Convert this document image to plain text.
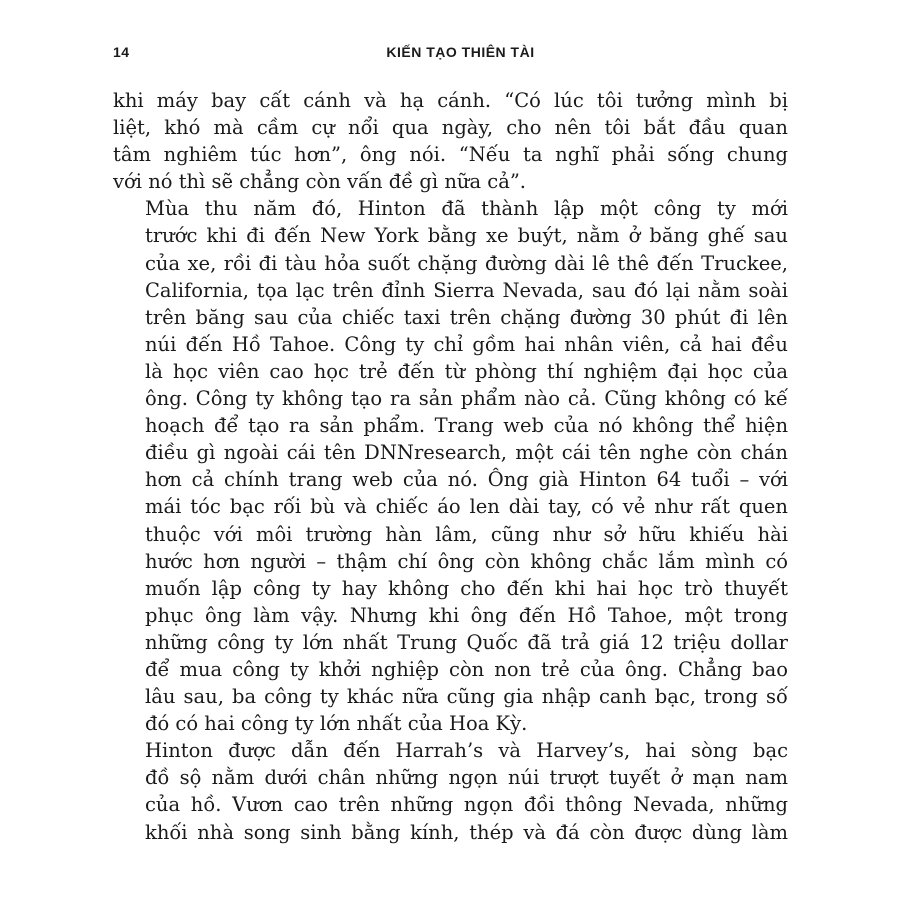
14	KIẾN TẠO THIÊN TÀI

khi máy bay cất cánh và hạ cánh. “Có lúc tôi tưởng mình bị
liệt, khó mà cầm cự nổi qua ngày, cho nên tôi bắt đầu quan
tâm nghiêm túc hơn”, ông nói. “Nếu ta nghĩ phải sống chung
với nó thì sẽ chẳng còn vấn đề gì nữa cả”.

Mùa thu năm đó, Hinton đã thành lập một công ty mới
trước khi đi đến New York bằng xe buýt, nằm ở băng ghế sau
của xe, rồi đi tàu hỏa suốt chặng đường dài lê thê đến Truckee,
California, tọa lạc trên đỉnh Sierra Nevada, sau đó lại nằm soài
trên băng sau của chiếc taxi trên chặng đường 30 phút đi lên
núi đến Hồ Tahoe. Công ty chỉ gồm hai nhân viên, cả hai đều
là học viên cao học trẻ đến từ phòng thí nghiệm đại học của
ông. Công ty không tạo ra sản phẩm nào cả. Cũng không có kế
hoạch để tạo ra sản phẩm. Trang web của nó không thể hiện
điều gì ngoài cái tên DNNresearch, một cái tên nghe còn chán
hơn cả chính trang web của nó. Ông già Hinton 64 tuổi – với
mái tóc bạc rối bù và chiếc áo len dài tay, có vẻ như rất quen
thuộc với môi trường hàn lâm, cũng như sở hữu khiếu hài
hước hơn người – thậm chí ông còn không chắc lắm mình có
muốn lập công ty hay không cho đến khi hai học trò thuyết
phục ông làm vậy. Nhưng khi ông đến Hồ Tahoe, một trong
những công ty lớn nhất Trung Quốc đã trả giá 12 triệu dollar
để mua công ty khởi nghiệp còn non trẻ của ông. Chẳng bao
lâu sau, ba công ty khác nữa cũng gia nhập canh bạc, trong số
đó có hai công ty lớn nhất của Hoa Kỳ.

Hinton được dẫn đến Harrah’s và Harvey’s, hai sòng bạc
đồ sộ nằm dưới chân những ngọn núi trượt tuyết ở mạn nam
của hồ. Vươn cao trên những ngọn đồi thông Nevada, những
khối nhà song sinh bằng kính, thép và đá còn được dùng làm
